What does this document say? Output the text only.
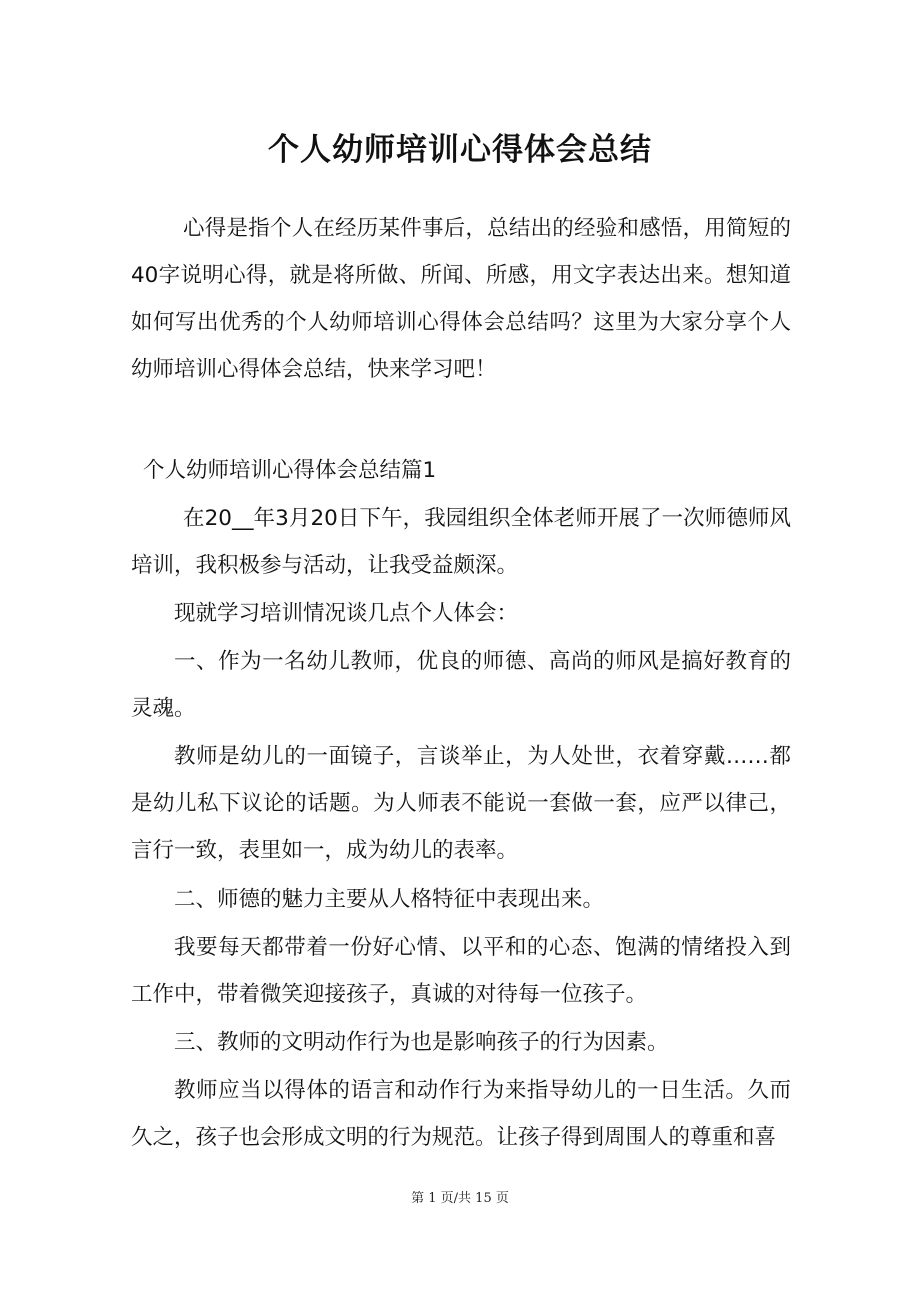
个人幼师培训心得体会总结

心得是指个人在经历某件事后，总结出的经验和感悟，用简短的40字说明心得，就是将所做、所闻、所感，用文字表达出来。想知道如何写出优秀的个人幼师培训心得体会总结吗？这里为大家分享个人幼师培训心得体会总结，快来学习吧！

个人幼师培训心得体会总结篇1

在20__年3月20日下午，我园组织全体老师开展了一次师德师风培训，我积极参与活动，让我受益颇深。

现就学习培训情况谈几点个人体会：

一、作为一名幼儿教师，优良的师德、高尚的师风是搞好教育的灵魂。

教师是幼儿的一面镜子，言谈举止，为人处世，衣着穿戴……都是幼儿私下议论的话题。为人师表不能说一套做一套，应严以律己，言行一致，表里如一，成为幼儿的表率。

二、师德的魅力主要从人格特征中表现出来。

我要每天都带着一份好心情、以平和的心态、饱满的情绪投入到工作中，带着微笑迎接孩子，真诚的对待每一位孩子。

三、教师的文明动作行为也是影响孩子的行为因素。

教师应当以得体的语言和动作行为来指导幼儿的一日生活。久而久之，孩子也会形成文明的行为规范。让孩子得到周围人的尊重和喜

第 1 页/共 15 页
